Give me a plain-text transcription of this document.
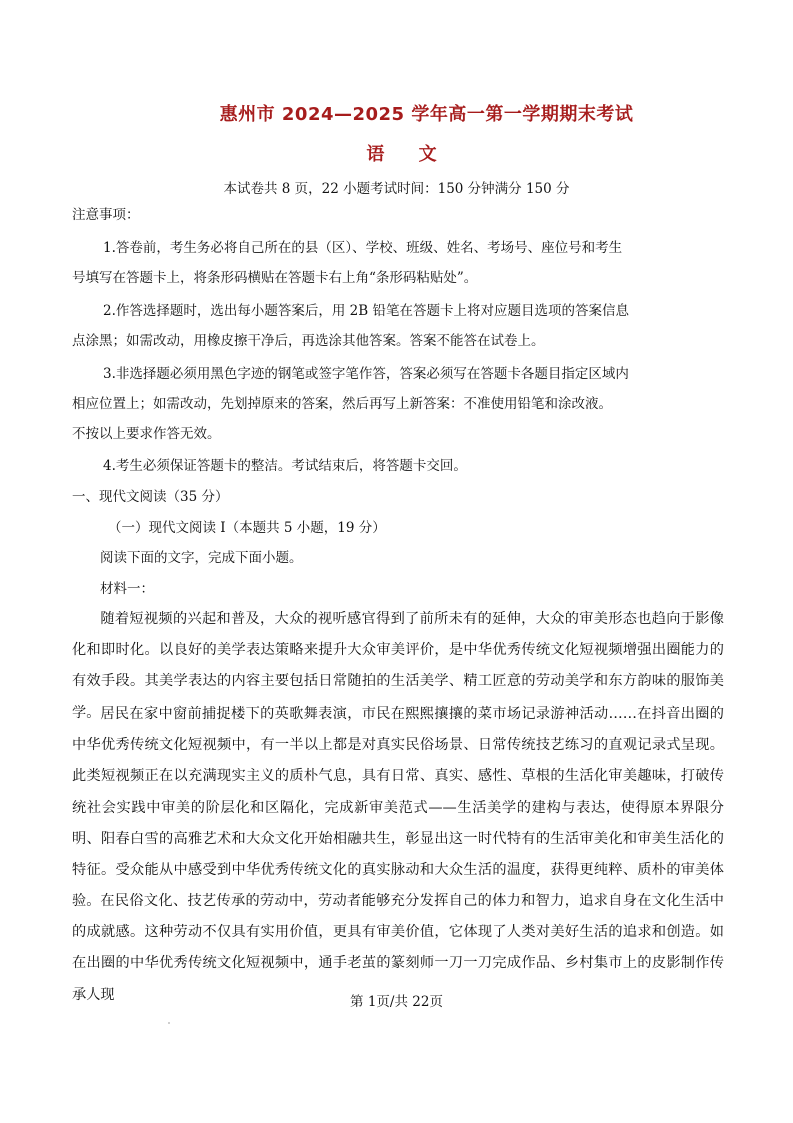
惠州市 2024—2025 学年高一第一学期期末考试
语 文
本试卷共 8 页，22 小题考试时间：150 分钟满分 150 分
注意事项：
1.答卷前，考生务必将自己所在的县（区）、学校、班级、姓名、考场号、座位号和考生
号填写在答题卡上，将条形码横贴在答题卡右上角“条形码粘贴处”。
2.作答选择题时，选出每小题答案后，用 2B 铅笔在答题卡上将对应题目选项的答案信息
点涂黑；如需改动，用橡皮擦干净后，再选涂其他答案。答案不能答在试卷上。
3.非选择题必须用黑色字迹的钢笔或签字笔作答，答案必须写在答题卡各题目指定区域内
相应位置上；如需改动，先划掉原来的答案，然后再写上新答案：不准使用铅笔和涂改液。
不按以上要求作答无效。
4.考生必须保证答题卡的整洁。考试结束后，将答题卡交回。
一、现代文阅读（35 分）
（一）现代文阅读 I（本题共 5 小题，19 分）
阅读下面的文字，完成下面小题。
材料一：

随着短视频的兴起和普及，大众的视听感官得到了前所未有的延伸，大众的审美形态也趋向于影像化和即时化。以良好的美学表达策略来提升大众审美评价，是中华优秀传统文化短视频增强出圈能力的有效手段。其美学表达的内容主要包括日常随拍的生活美学、精工匠意的劳动美学和东方韵味的服饰美学。 居民在家中窗前捕捉楼下的英歌舞表演，市民在熙熙攘攘的菜市场记录游神活动……在抖音出圈的中华优秀传统文化短视频中，有一半以上都是对真实民俗场景、日常传统技艺练习的直观记录式呈现。此类短视频正在以充满现实主义的质朴气息，具有日常、真实、感性、草根的生活化审美趣味，打破传统社会实践中审美的阶层化和区隔化，完成新审美范式——生活美学的建构与表达，使得原本界限分明、阳春白雪的高雅艺术和大众文化开始相融共生，彰显出这一时代特有的生活审美化和审美生活化的特征。受众能从中感受到中华优秀传统文化的真实脉动和大众生活的温度，获得更纯粹、质朴的审美体验。 在民俗文化、技艺传承的劳动中，劳动者能够充分发挥自己的体力和智力，追求自身在文化生活中的成就感。这种劳动不仅具有实用价值，更具有审美价值，它体现了人类对美好生活的追求和创造。如在出圈的中华优秀传统文化短视频中，通手老茧的篆刻师一刀一刀完成作品、乡村集市上的皮影制作传承人现	第 1页/共 22页
